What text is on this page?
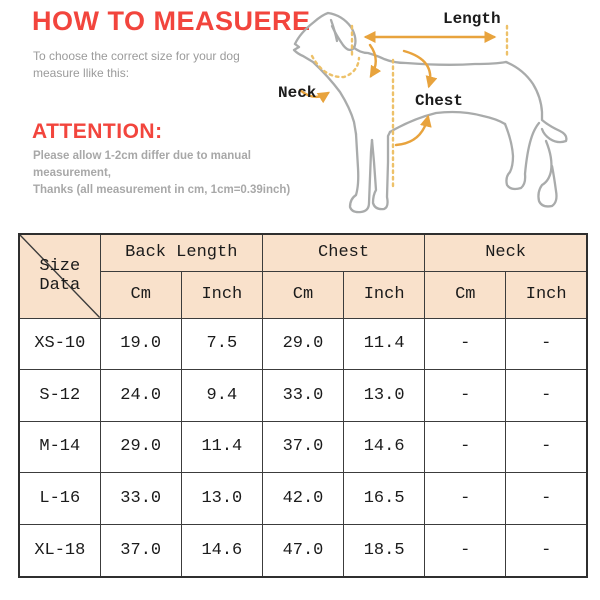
HOW TO MEASUERE
To choose the correct size for your dog measure llike this:
ATTENTION:
Please allow 1-2cm differ due to manual measurement,
Thanks (all measurement in cm, 1cm=0.39inch)
Length
Neck	Chest
Size Data	Back Length		Chest		Neck	
	Cm	Inch	Cm	Inch	Cm	Inch
XS-10	19.0	7.5	29.0	11.4	-	-
S-12	24.0	9.4	33.0	13.0	-	-
M-14	29.0	11.4	37.0	14.6	-	-
L-16	33.0	13.0	42.0	16.5	-	-
XL-18	37.0	14.6	47.0	18.5	-	-
